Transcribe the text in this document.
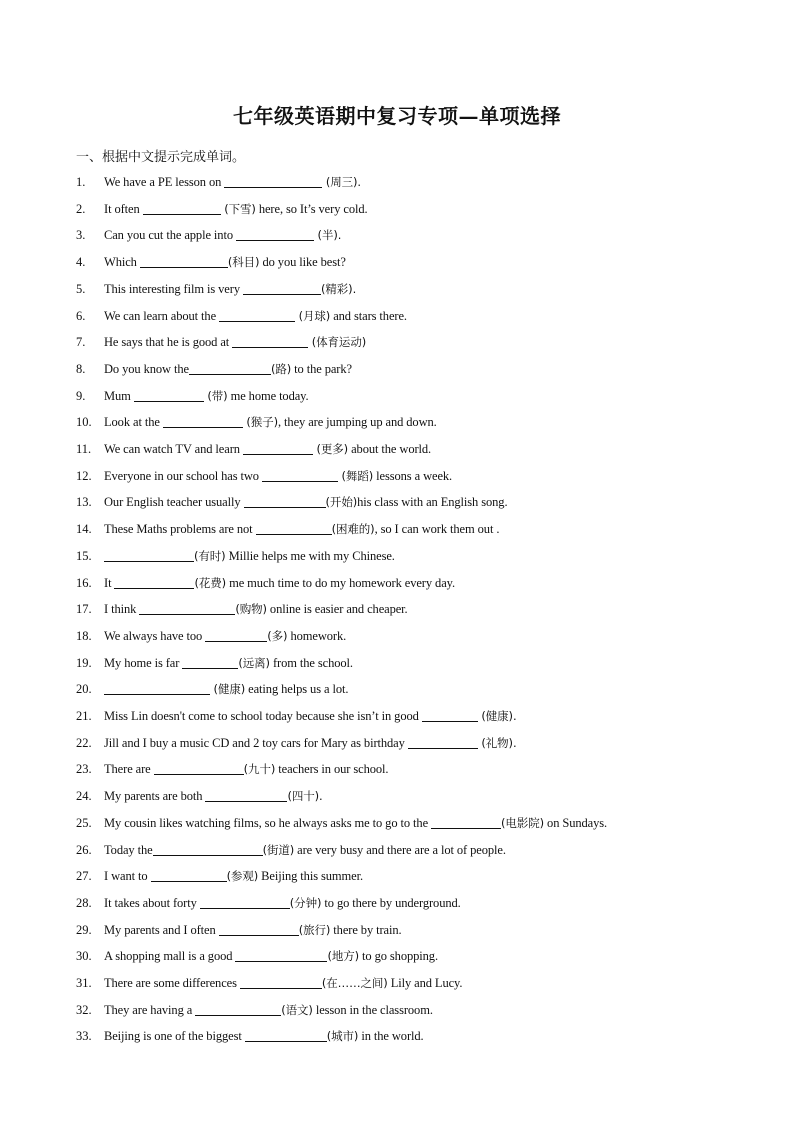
七年级英语期中复习专项—单项选择
一、根据中文提示完成单词。
1.	We have a PE lesson on	(周三).
2.	It often	(下雪) here, so It’s very cold.
3.	Can you cut the apple into	(半).
4.	Which	(科目) do you like best?
5.	This interesting film is very	(精彩).
6.	We can learn about the	(月球) and stars there.
7.	He says that he is good at	(体育运动)
8.	Do you know the	(路) to the park?
9.	Mum	(带) me home today.
10. Look at the	(猴子), they are jumping up and down.
11.	We can watch TV and learn	(更多) about the world.
12. Everyone in our school has two	(舞蹈) lessons a week.
13. Our English teacher usually	(开始)his class with an English song.
14. These Maths problems are not	(困难的), so I can work them out .
15.	(有时) Millie helps me with my Chinese.
16. It	(花费) me much time to do my homework every day.
17. I think	(购物) online is easier and cheaper.
18. We always have too	(多) homework.
19. My home is far	(远离) from the school.
20.	(健康) eating helps us a lot.
21. Miss Lin doesn't come to school today because she isn’t in good	(健康).
22. Jill and I buy a music CD and 2 toy cars for Mary as birthday	(礼物).
23. There are	(九十) teachers in our school.
24. My parents are both	(四十).
25. My cousin likes watching films, so he always asks me to go to the	(电影院) on Sundays.
26. Today the	(街道) are very busy and there are a lot of people.
27. I want to	(参观) Beijing this summer.
28. It takes about forty	(分钟) to go there by underground.
29. My parents and I often	(旅行) there by train.
30. A shopping mall is a good	(地方) to go shopping.
31. There are some differences	(在……之间) Lily and Lucy.
32. They are having a	(语文) lesson in the classroom.
33. Beijing is one of the biggest	(城市) in the world.
